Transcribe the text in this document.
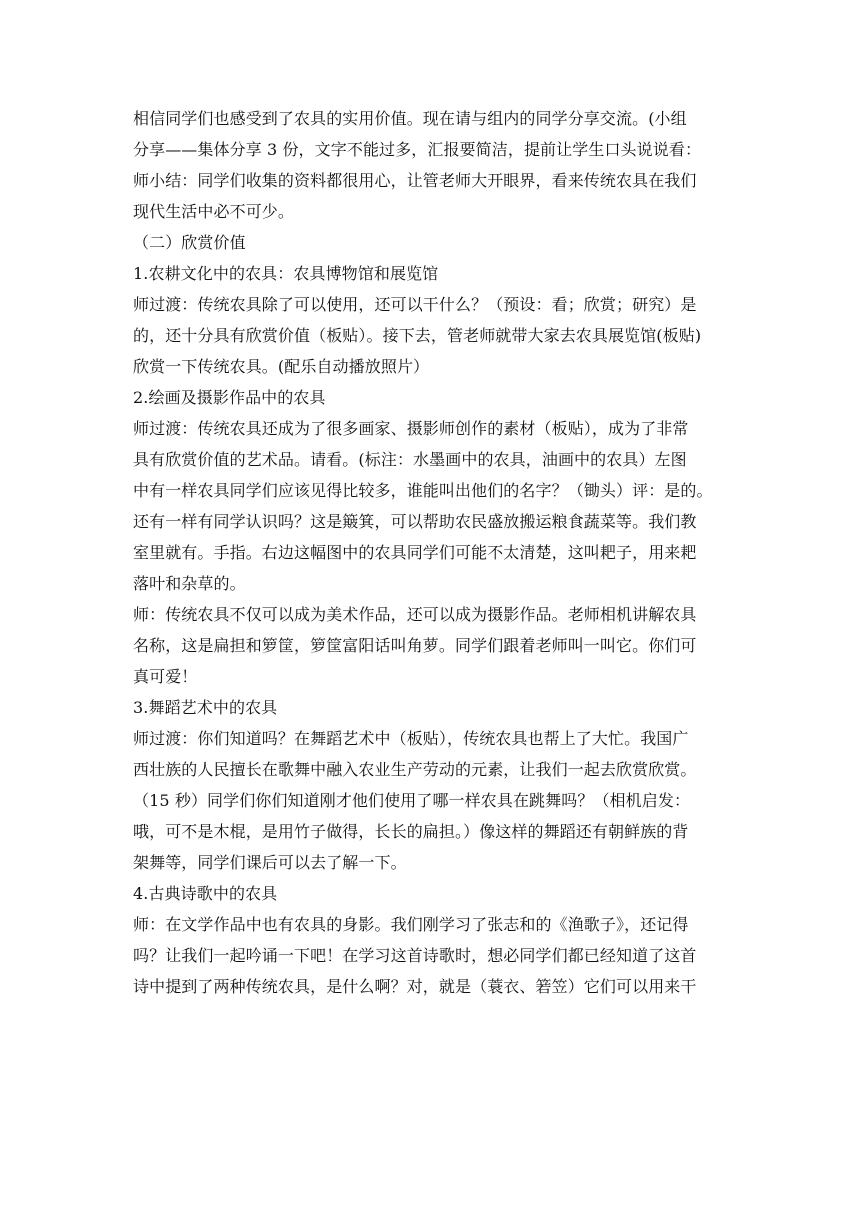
相信同学们也感受到了农具的实用价值。现在请与组内的同学分享交流。(小组
分享——集体分享 3 份，文字不能过多，汇报要简洁，提前让学生口头说说看：
师小结：同学们收集的资料都很用心，让管老师大开眼界，看来传统农具在我们
现代生活中必不可少。
（二）欣赏价值
1.农耕文化中的农具：农具博物馆和展览馆
师过渡：传统农具除了可以使用，还可以干什么？（预设：看；欣赏；研究）是
的，还十分具有欣赏价值（板贴）。接下去，管老师就带大家去农具展览馆(板贴)
欣赏一下传统农具。(配乐自动播放照片）
2.绘画及摄影作品中的农具
师过渡：传统农具还成为了很多画家、摄影师创作的素材（板贴），成为了非常
具有欣赏价值的艺术品。请看。(标注：水墨画中的农具，油画中的农具）左图
中有一样农具同学们应该见得比较多，谁能叫出他们的名字？（锄头）评：是的。
还有一样有同学认识吗？这是簸箕，可以帮助农民盛放搬运粮食蔬菜等。我们教
室里就有。手指。右边这幅图中的农具同学们可能不太清楚，这叫耙子，用来耙
落叶和杂草的。
师：传统农具不仅可以成为美术作品，还可以成为摄影作品。老师相机讲解农具
名称，这是扁担和箩筐，箩筐富阳话叫角萝。同学们跟着老师叫一叫它。你们可
真可爱！
3.舞蹈艺术中的农具
师过渡：你们知道吗？在舞蹈艺术中（板贴），传统农具也帮上了大忙。我国广
西壮族的人民擅长在歌舞中融入农业生产劳动的元素，让我们一起去欣赏欣赏。
（15 秒）同学们你们知道刚才他们使用了哪一样农具在跳舞吗？（相机启发：
哦，可不是木棍，是用竹子做得，长长的扁担。）像这样的舞蹈还有朝鲜族的背
架舞等，同学们课后可以去了解一下。
4.古典诗歌中的农具
师：在文学作品中也有农具的身影。我们刚学习了张志和的《渔歌子》，还记得
吗？让我们一起吟诵一下吧！在学习这首诗歌时，想必同学们都已经知道了这首
诗中提到了两种传统农具，是什么啊？对，就是（蓑衣、箬笠）它们可以用来干
